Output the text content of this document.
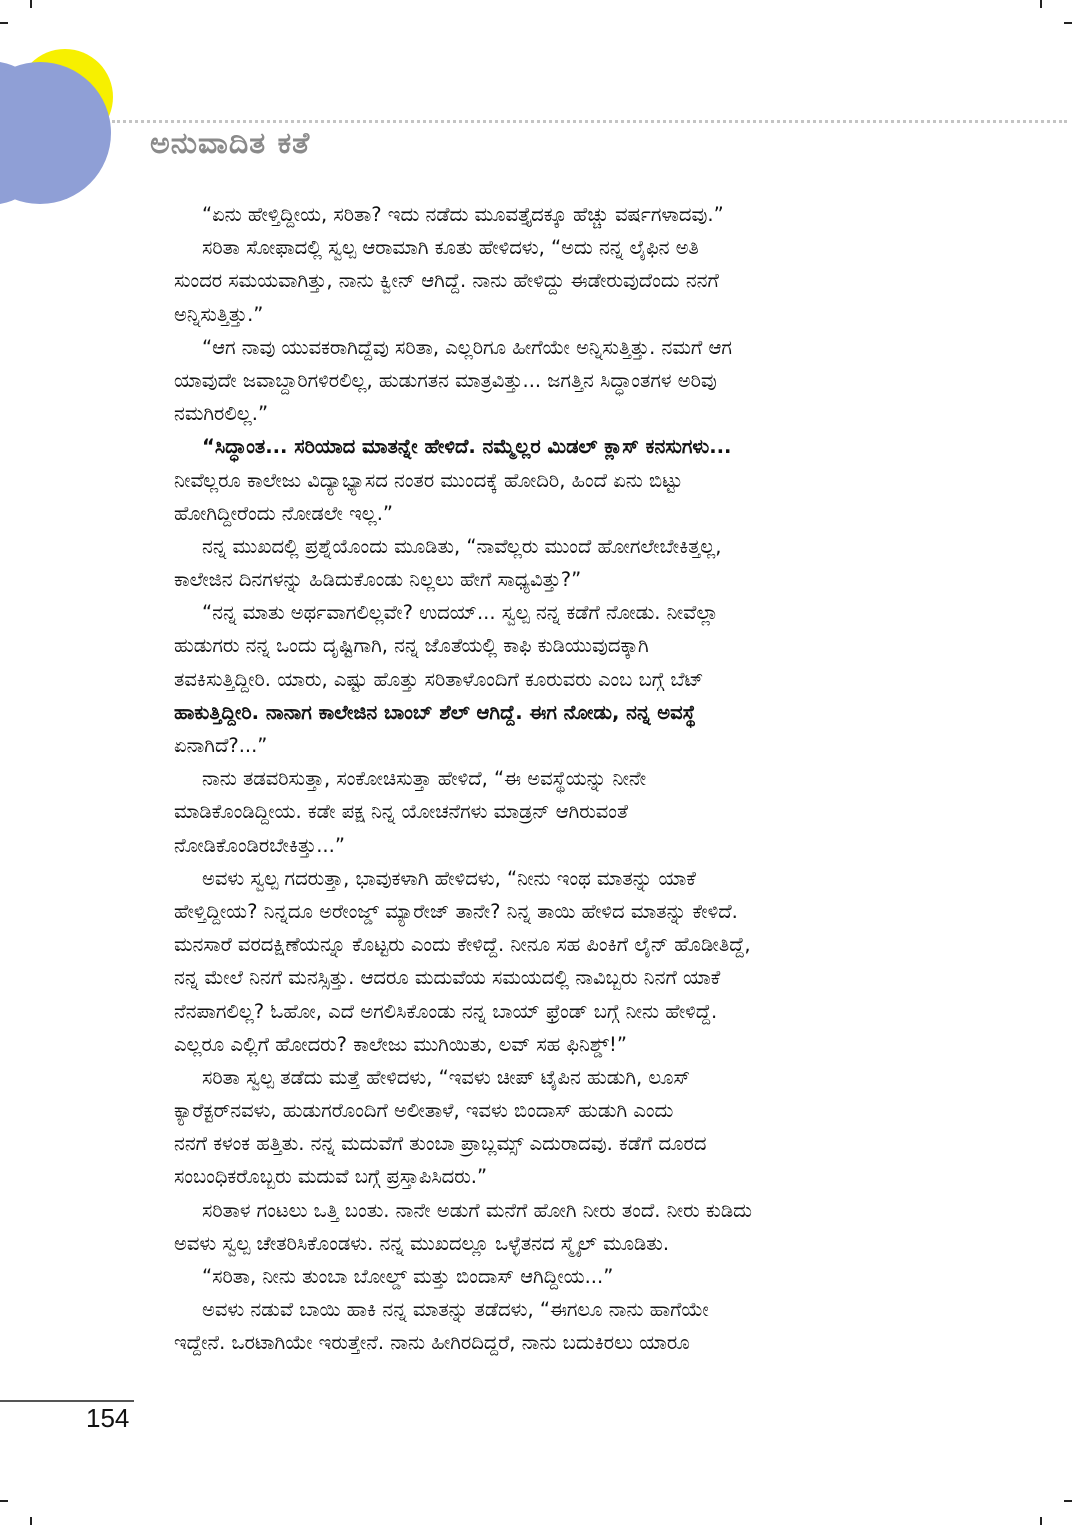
ಅನುವಾದಿತ ಕತೆ
“ಏನು ಹೇಳ್ತಿದ್ದೀಯ, ಸರಿತಾ? ಇದು ನಡೆದು ಮೂವತ್ತೈದಕ್ಕೂ ಹೆಚ್ಚು ವರ್ಷಗಳಾದವು.”
ಸರಿತಾ ಸೋಫಾದಲ್ಲಿ ಸ್ವಲ್ಪ ಆರಾಮಾಗಿ ಕೂತು ಹೇಳಿದಳು, “ಅದು ನನ್ನ ಲೈಫಿನ ಅತಿ
ಸುಂದರ ಸಮಯವಾಗಿತ್ತು, ನಾನು ಕ್ವೀನ್ ಆಗಿದ್ದೆ. ನಾನು ಹೇಳಿದ್ದು ಈಡೇರುವುದೆಂದು ನನಗೆ
ಅನ್ನಿಸುತ್ತಿತ್ತು.”
“ಆಗ ನಾವು ಯುವಕರಾಗಿದ್ದೆವು ಸರಿತಾ, ಎಲ್ಲರಿಗೂ ಹೀಗೆಯೇ ಅನ್ನಿಸುತ್ತಿತ್ತು. ನಮಗೆ ಆಗ
ಯಾವುದೇ ಜವಾಬ್ದಾರಿಗಳಿರಲಿಲ್ಲ, ಹುಡುಗತನ ಮಾತ್ರವಿತ್ತು... ಜಗತ್ತಿನ ಸಿದ್ಧಾಂತಗಳ ಅರಿವು
ನಮಗಿರಲಿಲ್ಲ.”
“ಸಿದ್ಧಾಂತ... ಸರಿಯಾದ ಮಾತನ್ನೇ ಹೇಳಿದೆ. ನಮ್ಮೆಲ್ಲರ ಮಿಡಲ್ ಕ್ಲಾಸ್ ಕನಸುಗಳು...
ನೀವೆಲ್ಲರೂ ಕಾಲೇಜು ವಿದ್ಯಾಭ್ಯಾಸದ ನಂತರ ಮುಂದಕ್ಕೆ ಹೋದಿರಿ, ಹಿಂದೆ ಏನು ಬಿಟ್ಟು
ಹೋಗಿದ್ದೀರೆಂದು ನೋಡಲೇ ಇಲ್ಲ.”
ನನ್ನ ಮುಖದಲ್ಲಿ ಪ್ರಶ್ನೆಯೊಂದು ಮೂಡಿತು, “ನಾವೆಲ್ಲರು ಮುಂದೆ ಹೋಗಲೇಬೇಕಿತ್ತಲ್ಲ,
ಕಾಲೇಜಿನ ದಿನಗಳನ್ನು ಹಿಡಿದುಕೊಂಡು ನಿಲ್ಲಲು ಹೇಗೆ ಸಾಧ್ಯವಿತ್ತು?”
“ನನ್ನ ಮಾತು ಅರ್ಥವಾಗಲಿಲ್ಲವೇ? ಉದಯ್... ಸ್ವಲ್ಪ ನನ್ನ ಕಡೆಗೆ ನೋಡು. ನೀವೆಲ್ಲಾ
ಹುಡುಗರು ನನ್ನ ಒಂದು ದೃಷ್ಟಿಗಾಗಿ, ನನ್ನ ಜೊತೆಯಲ್ಲಿ ಕಾಫಿ ಕುಡಿಯುವುದಕ್ಕಾಗಿ
ತವಕಿಸುತ್ತಿದ್ದೀರಿ. ಯಾರು, ಎಷ್ಟು ಹೊತ್ತು ಸರಿತಾಳೊಂದಿಗೆ ಕೂರುವರು ಎಂಬ ಬಗ್ಗೆ ಬೆಟ್
ಹಾಕುತ್ತಿದ್ದೀರಿ. ನಾನಾಗ ಕಾಲೇಜಿನ ಬಾಂಬ್ ಶೆಲ್ ಆಗಿದ್ದೆ. ಈಗ ನೋಡು, ನನ್ನ ಅವಸ್ಥೆ
ಏನಾಗಿದೆ?...”
ನಾನು ತಡವರಿಸುತ್ತಾ, ಸಂಕೋಚಿಸುತ್ತಾ ಹೇಳಿದೆ, “ಈ ಅವಸ್ಥೆಯನ್ನು ನೀನೇ
ಮಾಡಿಕೊಂಡಿದ್ದೀಯ. ಕಡೇ ಪಕ್ಷ ನಿನ್ನ ಯೋಚನೆಗಳು ಮಾಡ್ರನ್ ಆಗಿರುವಂತೆ
ನೋಡಿಕೊಂಡಿರಬೇಕಿತ್ತು...”
ಅವಳು ಸ್ವಲ್ಪ ಗದರುತ್ತಾ, ಭಾವುಕಳಾಗಿ ಹೇಳಿದಳು, “ನೀನು ಇಂಥ ಮಾತನ್ನು ಯಾಕೆ
ಹೇಳ್ತಿದ್ದೀಯ? ನಿನ್ನದೂ ಅರೇಂಜ್ಡ್ ಮ್ಯಾರೇಜ್ ತಾನೇ? ನಿನ್ನ ತಾಯಿ ಹೇಳಿದ ಮಾತನ್ನು ಕೇಳಿದೆ.
ಮನಸಾರೆ ವರದಕ್ಷಿಣೆಯನ್ನೂ ಕೊಟ್ಟರು ಎಂದು ಕೇಳಿದ್ದೆ. ನೀನೂ ಸಹ ಪಿಂಕಿಗೆ ಲೈನ್ ಹೊಡೀತಿದ್ದೆ,
ನನ್ನ ಮೇಲೆ ನಿನಗೆ ಮನಸ್ಸಿತ್ತು. ಆದರೂ ಮದುವೆಯ ಸಮಯದಲ್ಲಿ ನಾವಿಬ್ಬರು ನಿನಗೆ ಯಾಕೆ
ನೆನಪಾಗಲಿಲ್ಲ? ಓಹೋ, ಎದೆ ಅಗಲಿಸಿಕೊಂಡು ನನ್ನ ಬಾಯ್ ಫ್ರೆಂಡ್ ಬಗ್ಗೆ ನೀನು ಹೇಳಿದ್ದೆ.
ಎಲ್ಲರೂ ಎಲ್ಲಿಗೆ ಹೋದರು? ಕಾಲೇಜು ಮುಗಿಯಿತು, ಲವ್ ಸಹ ಫಿನಿಶ್ಡ್!”
ಸರಿತಾ ಸ್ವಲ್ಪ ತಡೆದು ಮತ್ತೆ ಹೇಳಿದಳು, “ಇವಳು ಚೀಪ್ ಟೈಪಿನ ಹುಡುಗಿ, ಲೂಸ್
ಕ್ಯಾರೆಕ್ಟರ್‌ನವಳು, ಹುಡುಗರೊಂದಿಗೆ ಅಲೀತಾಳೆ, ಇವಳು ಬಿಂದಾಸ್ ಹುಡುಗಿ ಎಂದು
ನನಗೆ ಕಳಂಕ ಹತ್ತಿತು. ನನ್ನ ಮದುವೆಗೆ ತುಂಬಾ ಪ್ರಾಬ್ಲಮ್ಸ್ ಎದುರಾದವು. ಕಡೆಗೆ ದೂರದ
ಸಂಬಂಧಿಕರೊಬ್ಬರು ಮದುವೆ ಬಗ್ಗೆ ಪ್ರಸ್ತಾಪಿಸಿದರು.”
ಸರಿತಾಳ ಗಂಟಲು ಒತ್ತಿ ಬಂತು. ನಾನೇ ಅಡುಗೆ ಮನೆಗೆ ಹೋಗಿ ನೀರು ತಂದೆ. ನೀರು ಕುಡಿದು
ಅವಳು ಸ್ವಲ್ಪ ಚೇತರಿಸಿಕೊಂಡಳು. ನನ್ನ ಮುಖದಲ್ಲೂ ಒಳ್ಳೆತನದ ಸ್ಮೈಲ್ ಮೂಡಿತು.
“ಸರಿತಾ, ನೀನು ತುಂಬಾ ಬೋಲ್ಡ್ ಮತ್ತು ಬಿಂದಾಸ್ ಆಗಿದ್ದೀಯ...”
ಅವಳು ನಡುವೆ ಬಾಯಿ ಹಾಕಿ ನನ್ನ ಮಾತನ್ನು ತಡೆದಳು, “ಈಗಲೂ ನಾನು ಹಾಗೆಯೇ
ಇದ್ದೇನೆ. ಒರಟಾಗಿಯೇ ಇರುತ್ತೇನೆ. ನಾನು ಹೀಗಿರದಿದ್ದರೆ, ನಾನು ಬದುಕಿರಲು ಯಾರೂ
154
